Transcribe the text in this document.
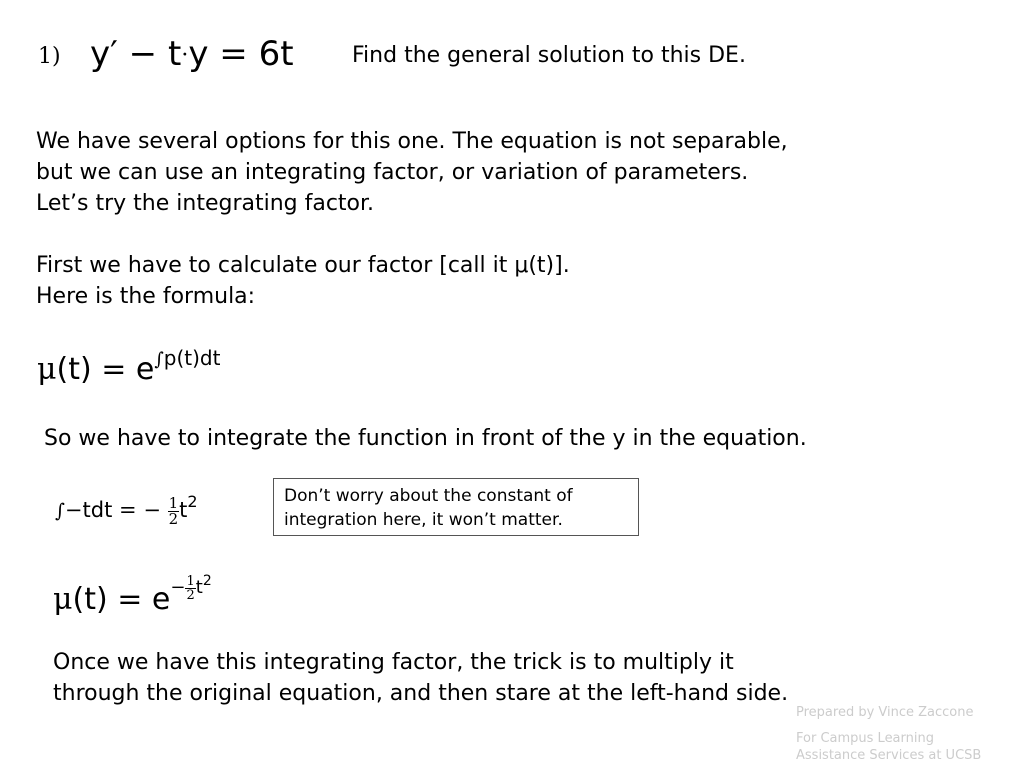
1) y′ − t·y = 6t	Find the general solution to this DE.
We have several options for this one. The equation is not separable,
but we can use an integrating factor, or variation of parameters.
Let’s try the integrating factor.
First we have to calculate our factor [call it μ(t)].
Here is the formula:
$\mu(t) = e^{\int p(t)dt}$
So we have to integrate the function in front of the y in the equation.
∫−tdt = − $\frac{1}{2} t^2$	Don’t worry about the constant of
integration here, it won’t matter.
$\mu(t) = e^{- \frac{1}{2} t^2}$
Once we have this integrating factor, the trick is to multiply it
through the original equation, and then stare at the left-hand side.
Prepared by Vince Zaccone
For Campus Learning
Assistance Services at UCSB
